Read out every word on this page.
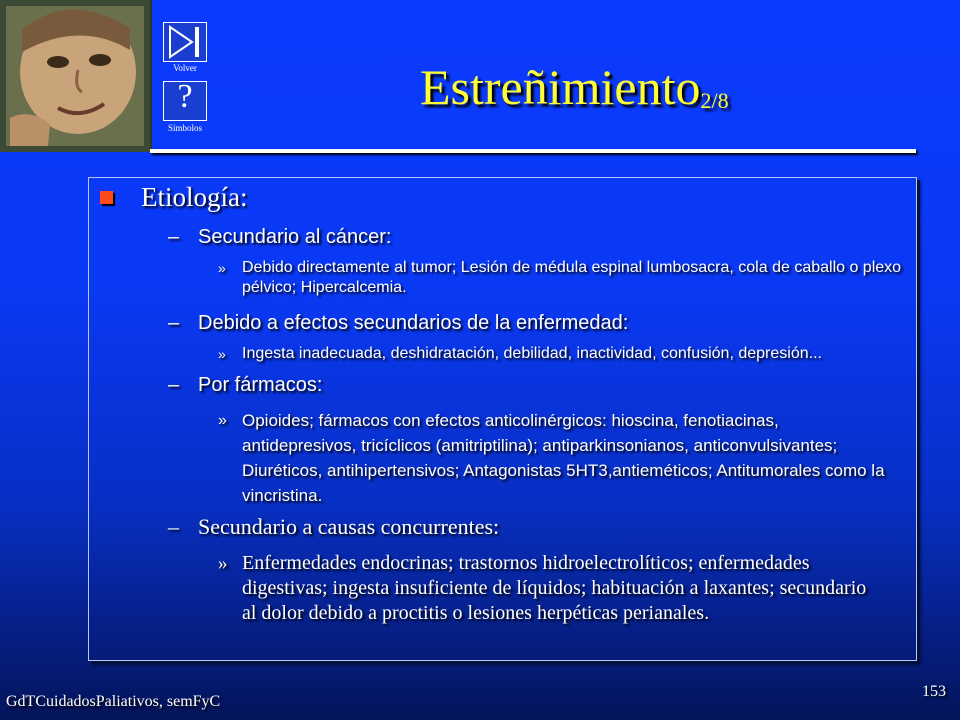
Volver
?
Símbolos
Estreñimiento$_{2/8}$
Etiología:
– Secundario al cáncer:
» Debido directamente al tumor; Lesión de médula espinal lumbosacra, cola de caballo o plexo pélvico; Hipercalcemia.
– Debido a efectos secundarios de la enfermedad:
» Ingesta inadecuada, deshidratación, debilidad, inactividad, confusión, depresión...
– Por fármacos:
» Opioides; fármacos con efectos anticolinérgicos: hioscina, fenotiacinas, antidepresivos, tricíclicos (amitriptilina); antiparkinsonianos, anticonvulsivantes; Diuréticos, antihipertensivos; Antagonistas 5HT3,antieméticos; Antitumorales como la vincristina.
– Secundario a causas concurrentes:
» Enfermedades endocrinas; trastornos hidroelectrolíticos; enfermedades digestivas; ingesta insuficiente de líquidos; habituación a laxantes; secundario al dolor debido a proctitis o lesiones herpéticas perianales.
GdTCuidadosPaliativos, semFyC
153
